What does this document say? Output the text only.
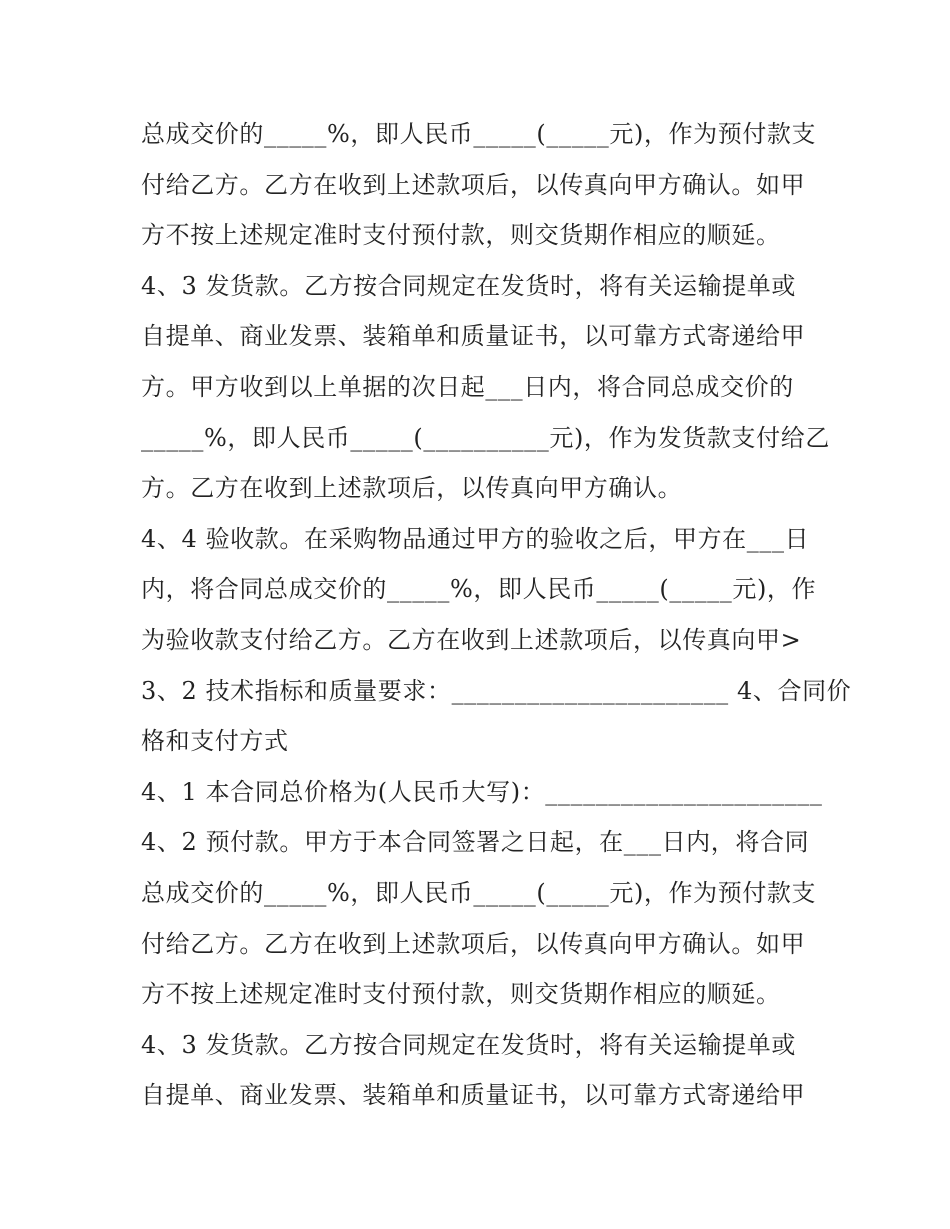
总成交价的_____%，即人民币_____(_____元)，作为预付款支
付给乙方。乙方在收到上述款项后，以传真向甲方确认。如甲
方不按上述规定准时支付预付款，则交货期作相应的顺延。
4、3 发货款。乙方按合同规定在发货时，将有关运输提单或
自提单、商业发票、装箱单和质量证书，以可靠方式寄递给甲
方。甲方收到以上单据的次日起___日内，将合同总成交价的
_____%，即人民币_____(__________元)，作为发货款支付给乙
方。乙方在收到上述款项后，以传真向甲方确认。
4、4 验收款。在采购物品通过甲方的验收之后，甲方在___日
内，将合同总成交价的_____%，即人民币_____(_____元)，作
为验收款支付给乙方。乙方在收到上述款项后，以传真向甲>
3、2 技术指标和质量要求：______________________ 4、合同价
格和支付方式
4、1 本合同总价格为(人民币大写)：______________________
4、2 预付款。甲方于本合同签署之日起，在___日内，将合同
总成交价的_____%，即人民币_____(_____元)，作为预付款支
付给乙方。乙方在收到上述款项后，以传真向甲方确认。如甲
方不按上述规定准时支付预付款，则交货期作相应的顺延。
4、3 发货款。乙方按合同规定在发货时，将有关运输提单或
自提单、商业发票、装箱单和质量证书，以可靠方式寄递给甲
